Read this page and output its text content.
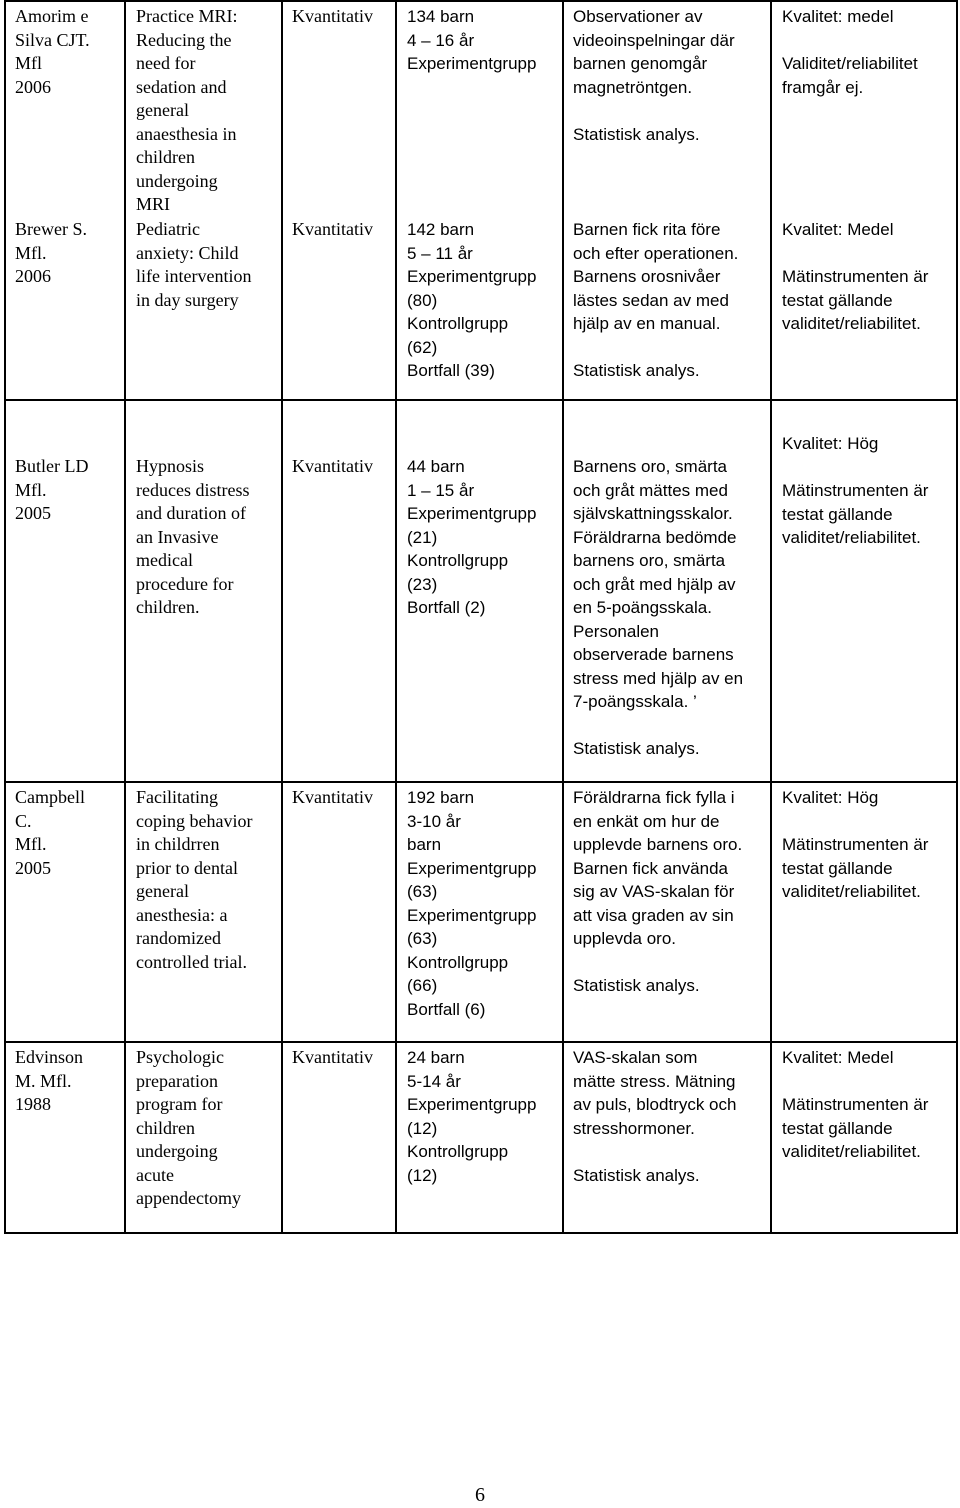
Amorim e
Silva CJT.
Mfl
2006
Practice MRI:
Reducing the
need for
sedation and
general
anaesthesia in
children
undergoing
MRI
Kvantitativ 134 barn
4 – 16 år
Experimentgrupp
Observationer av
videoinspelningar där
barnen genomgår
magnetröntgen.
Statistisk analys.
Kvalitet: medel
Validitet/reliabilitet
framgår ej.
Brewer S.
Mfl.
2006
Pediatric
anxiety: Child
life intervention
in day surgery
Kvantitativ 142 barn
5 – 11 år
Experimentgrupp
(80)
Kontrollgrupp
(62)
Bortfall (39)
Barnen fick rita före
och efter operationen.
Barnens orosnivåer
lästes sedan av med
hjälp av en manual.
Statistisk analys.
Kvalitet: Medel
Mätinstrumenten är
testat gällande
validitet/reliabilitet.
Butler LD
Mfl.
2005
Hypnosis
reduces distress
and duration of
an Invasive
medical
procedure for
children.
Kvantitativ 44 barn
1 – 15 år
Experimentgrupp
(21)
Kontrollgrupp
(23)
Bortfall (2)
Barnens oro, smärta
och gråt mättes med
självskattningsskalor.
Föräldrarna bedömde
barnens oro, smärta
och gråt med hjälp av
en 5-poängsskala.
Personalen
observerade barnens
stress med hjälp av en
7-poängsskala. ’
Statistisk analys.
Kvalitet: Hög
Mätinstrumenten är
testat gällande
validitet/reliabilitet.
Campbell
C.
Mfl.
2005
Facilitating
coping behavior
in childrren
prior to dental
general
anesthesia: a
randomized
controlled trial.
Kvantitativ 192 barn
3-10 år
barn
Experimentgrupp
(63)
Experimentgrupp
(63)
Kontrollgrupp
(66)
Bortfall (6)
Föräldrarna fick fylla i
en enkät om hur de
upplevde barnens oro.
Barnen fick använda
sig av VAS-skalan för
att visa graden av sin
upplevda oro.
Statistisk analys.
Kvalitet: Hög
Mätinstrumenten är
testat gällande
validitet/reliabilitet.
Edvinson
M. Mfl.
1988
Psychologic
preparation
program for
children
undergoing
acute
appendectomy
Kvantitativ 24 barn
5-14 år
Experimentgrupp
(12)
Kontrollgrupp
(12)
VAS-skalan som
mätte stress. Mätning
av puls, blodtryck och
stresshormoner.
Statistisk analys.
Kvalitet: Medel
Mätinstrumenten är
testat gällande
validitet/reliabilitet.
6
